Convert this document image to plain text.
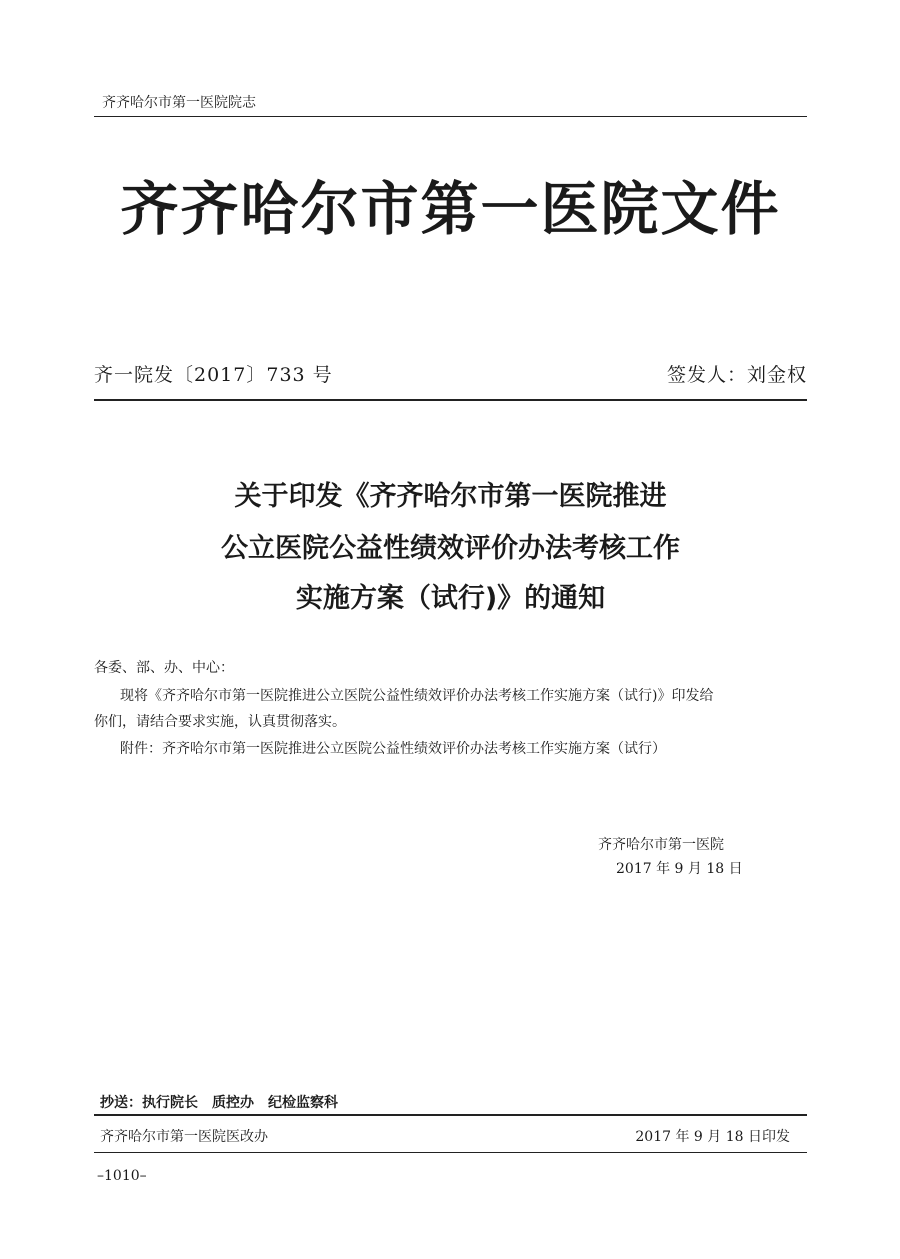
齐齐哈尔市第一医院院志
齐齐哈尔市第一医院文件
齐一院发〔2017〕733 号	签发人：刘金权
关于印发《齐齐哈尔市第一医院推进
公立医院公益性绩效评价办法考核工作
实施方案（试行)》的通知
各委、部、办、中心：
现将《齐齐哈尔市第一医院推进公立医院公益性绩效评价办法考核工作实施方案（试行)》印发给
你们，请结合要求实施，认真贯彻落实。
附件：齐齐哈尔市第一医院推进公立医院公益性绩效评价办法考核工作实施方案（试行）
齐齐哈尔市第一医院
2017 年 9 月 18 日
抄送：执行院长 质控办 纪检监察科
齐齐哈尔市第一医院医改办	2017 年 9 月 18 日印发
–1010–
